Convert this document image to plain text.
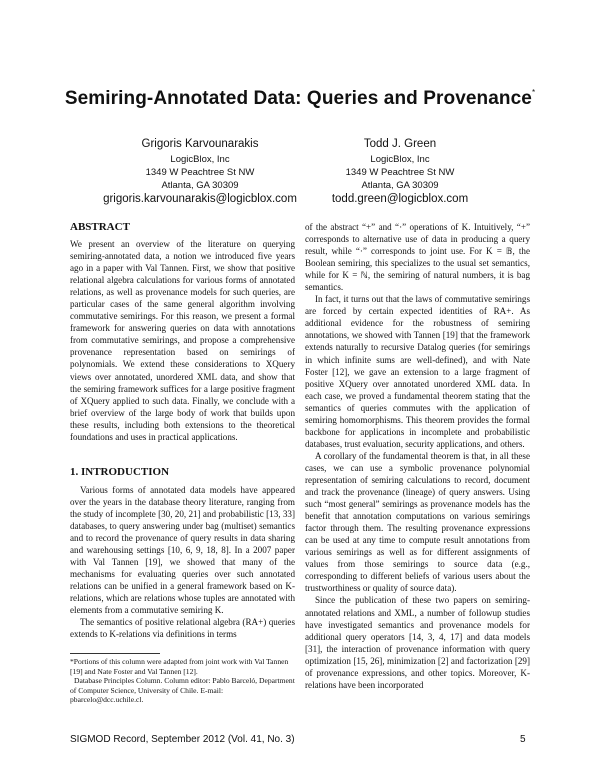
Semiring-Annotated Data: Queries and Provenance*
Grigoris Karvounarakis
LogicBlox, Inc
1349 W Peachtree St NW
Atlanta, GA 30309
grigoris.karvounarakis@logicblox.com
Todd J. Green
LogicBlox, Inc
1349 W Peachtree St NW
Atlanta, GA 30309
todd.green@logicblox.com
ABSTRACT

We present an overview of the literature on querying semiring-annotated data, a notion we introduced five years ago in a paper with Val Tannen. First, we show that positive relational algebra calculations for various forms of annotated relations, as well as provenance models for such queries, are particular cases of the same general algorithm involving commutative semirings. For this reason, we present a formal framework for answering queries on data with annotations from commutative semirings, and propose a comprehensive provenance representation based on semirings of polynomials. We extend these considerations to XQuery views over annotated, unordered XML data, and show that the semiring framework suffices for a large positive fragment of XQuery applied to such data. Finally, we conclude with a brief overview of the large body of work that builds upon these results, including both extensions to the theoretical foundations and uses in practical applications.

1. INTRODUCTION

Various forms of annotated data models have appeared over the years in the database theory literature, ranging from the study of incomplete [30, 20, 21] and probabilistic [13, 33] databases, to query answering under bag (multiset) semantics and to record the provenance of query results in data sharing and warehousing settings [10, 6, 9, 18, 8]. In a 2007 paper with Val Tannen [19], we showed that many of the mechanisms for evaluating queries over such annotated relations can be unified in a general framework based on K-relations, which are relations whose tuples are annotated with elements from a commutative semiring K.

The semantics of positive relational algebra (RA+) queries extends to K-relations via definitions in terms

of the abstract “+” and “·” operations of K. Intuitively, “+” corresponds to alternative use of data in producing a query result, while “·” corresponds to joint use. For K = 𝔹, the Boolean semiring, this specializes to the usual set semantics, while for K = ℕ, the semiring of natural numbers, it is bag semantics.

In fact, it turns out that the laws of commutative semirings are forced by certain expected identities of RA+. As additional evidence for the robustness of semiring annotations, we showed with Tannen [19] that the framework extends naturally to recursive Datalog queries (for semirings in which infinite sums are well-defined), and with Nate Foster [12], we gave an extension to a large fragment of positive XQuery over annotated unordered XML data. In each case, we proved a fundamental theorem stating that the semantics of queries commutes with the application of semiring homomorphisms. This theorem provides the formal backbone for applications in incomplete and probabilistic databases, trust evaluation, security applications, and others.

A corollary of the fundamental theorem is that, in all these cases, we can use a symbolic provenance polynomial representation of semiring calculations to record, document and track the provenance (lineage) of query answers. Using such “most general” semirings as provenance models has the benefit that annotation computations on various semirings factor through them. The resulting provenance expressions can be used at any time to compute result annotations from various semirings as well as for different assignments of values from those semirings to source data (e.g., corresponding to different beliefs of various users about the trustworthiness or quality of source data).

Since the publication of these two papers on semiring-annotated relations and XML, a number of followup studies have investigated semantics and provenance models for additional query operators [14, 3, 4, 17] and data models [31], the interaction of provenance information with query optimization [15, 26], minimization [2] and factorization [29] of provenance expressions, and other topics. Moreover, K-relations have been incorporated

*Portions of this column were adapted from joint work with Val Tannen [19] and Nate Foster and Val Tannen [12].

Database Principles Column. Column editor: Pablo Barceló, Department of Computer Science, University of Chile. E-mail: pbarcelo@dcc.uchile.cl.

SIGMOD Record, September 2012 (Vol. 41, No. 3)	5
